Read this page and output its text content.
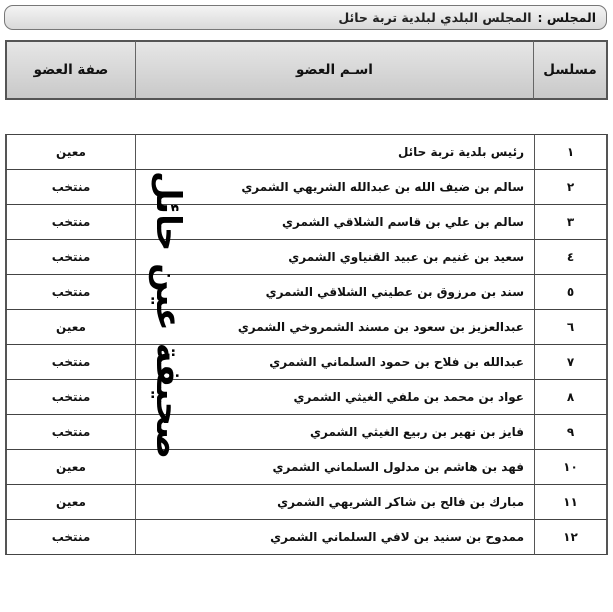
المجلس :
المجلس البلدي لبلدية تربة حائل
مسلسل	اسـم العضو	صفة العضو

١	رئيس بلدية تربة حائل	معين
٢	سالم بن ضيف الله بن عبدالله الشريهي الشمري	منتخب
٣	سالم بن علي بن قاسم الشلاقي الشمري	منتخب
٤	سعيد بن غنيم بن عبيد القنياوي الشمري	منتخب
٥	سند بن مرزوق بن عطيني الشلاقي الشمري	منتخب
٦	عبدالعزيز بن سعود بن مسند الشمروخي الشمري	معين
٧	عبدالله بن فلاح بن حمود السلماني الشمري	منتخب
٨	عواد بن محمد بن ملفي الغيثي الشمري	منتخب
٩	فايز بن نهير بن ربيع الغيثي الشمري	منتخب
١٠	فهد بن هاشم بن مدلول السلماني الشمري	معين
١١	مبارك بن فالح بن شاكر الشريهي الشمري	معين
١٢	ممدوح بن سنيد بن لافي السلماني الشمري	منتخب
صحيفة عين حائل
